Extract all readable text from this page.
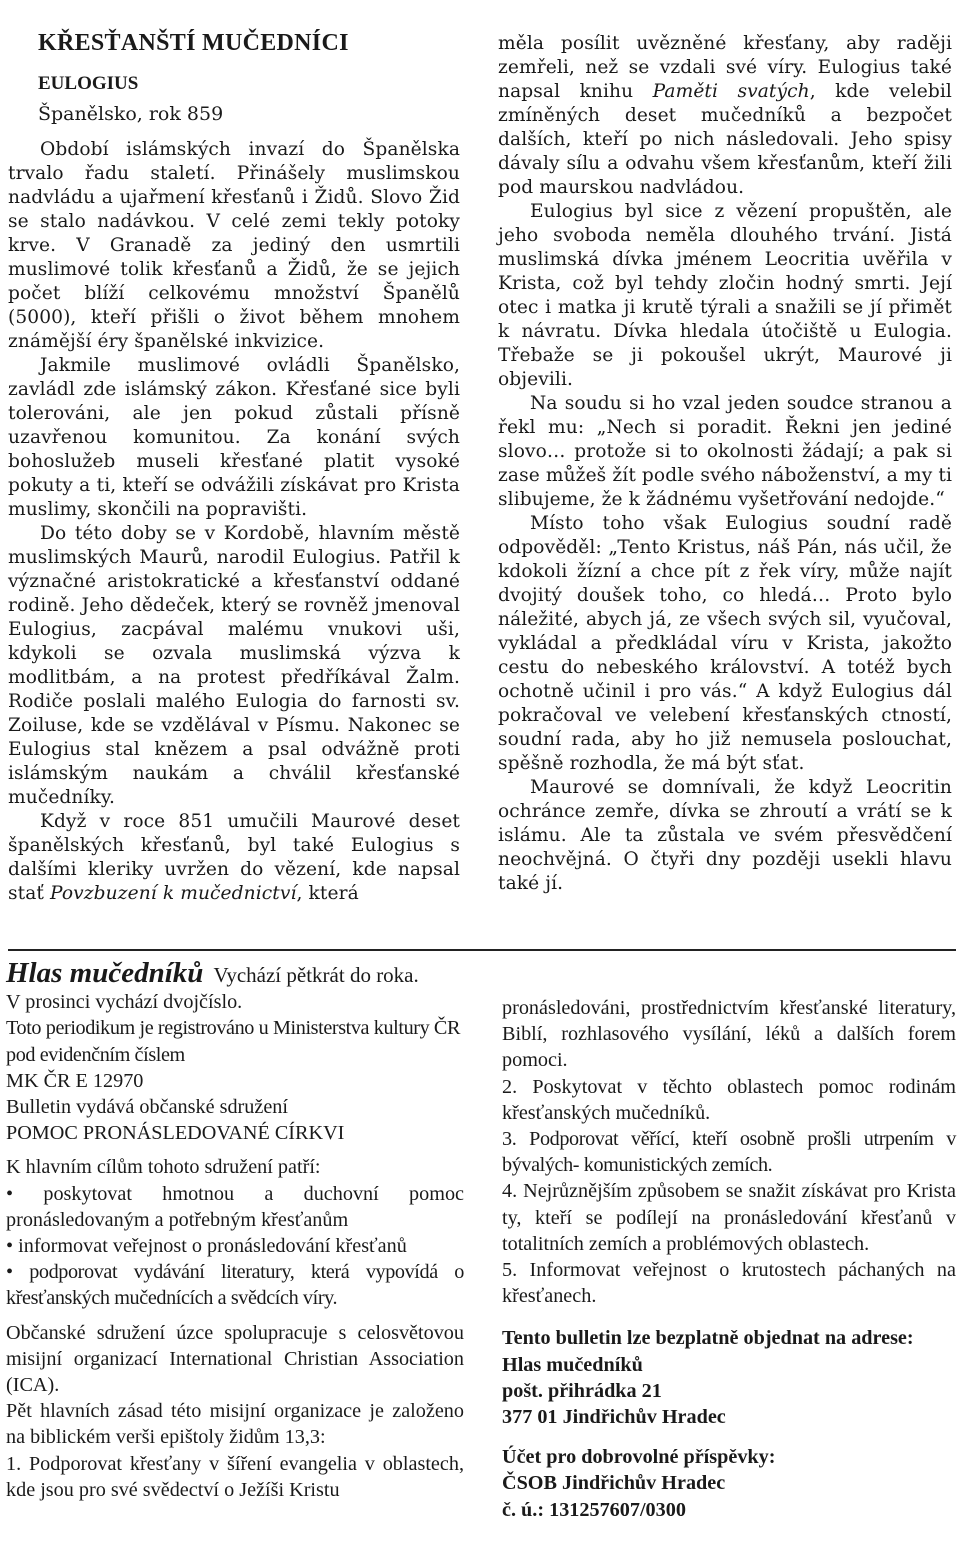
KŘESŤANŠTÍ MUČEDNÍCI
EULOGIUS
Španělsko, rok 859

Období islámských invazí do Španělska trvalo řadu staletí. Přinášely muslimskou nadvládu a ujařmení křesťanů i Židů. Slovo Žid se stalo nadávkou. V celé zemi tekly potoky krve. V Granadě za jediný den usmrtili muslimové tolik křesťanů a Židů, že se jejich počet blíží celkovému množství Španělů (5000), kteří přišli o život během mnohem známější éry španělské inkvizice.

Jakmile muslimové ovládli Španělsko, zavládl zde islámský zákon. Křesťané sice byli tolerováni, ale jen pokud zůstali přísně uzavřenou komunitou. Za konání svých bohoslužeb museli křesťané platit vysoké pokuty a ti, kteří se odvážili získávat pro Krista muslimy, skončili na popravišti.

Do této doby se v Kordobě, hlavním městě muslimských Maurů, narodil Eulogius. Patřil k význačné aristokratické a křesťanství oddané rodině. Jeho dědeček, který se rovněž jmenoval Eulogius, zacpával malému vnukovi uši, kdykoli se ozvala muslimská výzva k modlitbám, a na protest předříkával Žalm. Rodiče poslali malého Eulogia do farnosti sv. Zoiluse, kde se vzdělával v Písmu. Nakonec se Eulogius stal knězem a psal odvážně proti islámským naukám a chválil křesťanské mučedníky.

Když v roce 851 umučili Maurové deset španělských křesťanů, byl také Eulogius s dalšími kleriky uvržen do vězení, kde napsal stať Povzbuzení k mučednictví, která

měla posílit uvězněné křesťany, aby raději zemřeli, než se vzdali své víry. Eulogius také napsal knihu Paměti svatých, kde velebil zmíněných deset mučedníků a bezpočet dalších, kteří po nich následovali. Jeho spisy dávaly sílu a odvahu všem křesťanům, kteří žili pod maurskou nadvládou.

Eulogius byl sice z vězení propuštěn, ale jeho svoboda neměla dlouhého trvání. Jistá muslimská dívka jménem Leocritia uvěřila v Krista, což byl tehdy zločin hodný smrti. Její otec i matka ji krutě týrali a snažili se jí přimět k návratu. Dívka hledala útočiště u Eulogia. Třebaže se ji pokoušel ukrýt, Maurové ji objevili.

Na soudu si ho vzal jeden soudce stranou a řekl mu: „Nech si poradit. Řekni jen jediné slovo… protože si to okolnosti žádají; a pak si zase můžeš žít podle svého náboženství, a my ti slibujeme, že k žádnému vyšetřování nedojde.“

Místo toho však Eulogius soudní radě odpověděl: „Tento Kristus, náš Pán, nás učil, že kdokoli žízní a chce pít z řek víry, může najít dvojitý doušek toho, co hledá… Proto bylo náležité, abych já, ze všech svých sil, vyučoval, vykládal a předkládal víru v Krista, jakožto cestu do nebeského království. A totéž bych ochotně učinil i pro vás.“ A když Eulogius dál pokračoval ve velebení křesťanských ctností, soudní rada, aby ho již nemusela poslouchat, spěšně rozhodla, že má být sťat.

Maurové se domnívali, že když Leocritin ochránce zemře, dívka se zhroutí a vrátí se k islámu. Ale ta zůstala ve svém přesvědčení neochvějná. O čtyři dny později usekli hlavu také jí.

Hlas mučedníků Vychází pětkrát do roka.

V prosinci vychází dvojčíslo.

Toto periodikum je registrováno u Ministerstva kultury ČR pod evidenčním číslem

MK ČR E 12970

Bulletin vydává občanské sdružení

POMOC PRONÁSLEDOVANÉ CÍRKVI

K hlavním cílům tohoto sdružení patří:

• poskytovat hmotnou a duchovní pomoc pronásledovaným a potřebným křesťanům

• informovat veřejnost o pronásledování křesťanů

• podporovat vydávání literatury, která vypovídá o křesťanských mučednících a svědcích víry.

Občanské sdružení úzce spolupracuje s celosvětovou misijní organizací International Christian Association (ICA).

Pět hlavních zásad této misijní organizace je založeno na biblickém verši epištoly židům 13,3:

1. Podporovat křesťany v šíření evangelia v oblastech, kde jsou pro své svědectví o Ježíši Kristu

pronásledováni, prostřednictvím křesťanské literatury, Biblí, rozhlasového vysílání, léků a dalších forem pomoci.

2. Poskytovat v těchto oblastech pomoc rodinám křesťanských mučedníků.

3. Podporovat věřící, kteří osobně prošli utrpením v bývalých- komunistických zemích.

4. Nejrůznějším způsobem se snažit získávat pro Krista ty, kteří se podílejí na pronásledování křesťanů v totalitních zemích a problémových oblastech.

5. Informovat veřejnost o krutostech páchaných na křesťanech.

Tento bulletin lze bezplatně objednat na adrese:

Hlas mučedníků

pošt. přihrádka 21

377 01 Jindřichův Hradec

Účet pro dobrovolné příspěvky:

ČSOB Jindřichův Hradec

č. ú.: 131257607/0300
